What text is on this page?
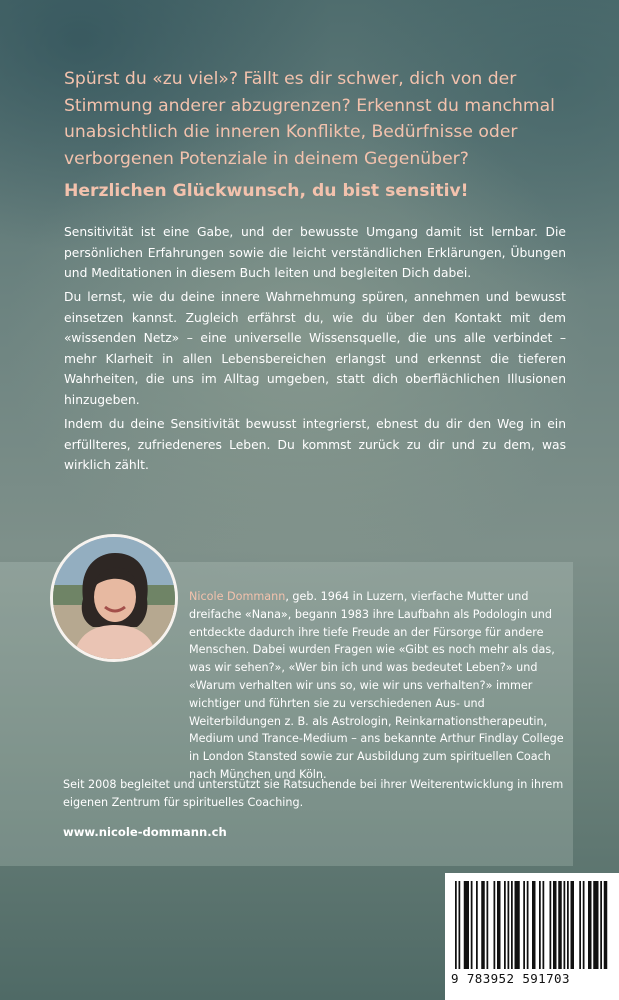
Spürst du «zu viel»? Fällt es dir schwer, dich von der Stimmung anderer abzugrenzen? Erkennst du manchmal unabsichtlich die inneren Konflikte, Bedürfnisse oder verborgenen Potenziale in deinem Gegenüber?

Herzlichen Glückwunsch, du bist sensitiv!

Sensitivität ist eine Gabe, und der bewusste Umgang damit ist lernbar. Die persönlichen Erfahrungen sowie die leicht verständlichen Erklärungen, Übungen und Meditationen in diesem Buch leiten und begleiten Dich dabei.

Du lernst, wie du deine innere Wahrnehmung spüren, annehmen und bewusst einsetzen kannst. Zugleich erfährst du, wie du über den Kontakt mit dem «wissenden Netz» – eine universelle Wissensquelle, die uns alle verbindet – mehr Klarheit in allen Lebensbereichen erlangst und erkennst die tieferen Wahrheiten, die uns im Alltag umgeben, statt dich oberflächlichen Illusionen hinzugeben.

Indem du deine Sensitivität bewusst integrierst, ebnest du dir den Weg in ein erfüllteres, zufriedeneres Leben. Du kommst zurück zu dir und zu dem, was wirklich zählt.

Nicole Dommann, geb. 1964 in Luzern, vierfache Mutter und dreifache «Nana», begann 1983 ihre Laufbahn als Podologin und entdeckte dadurch ihre tiefe Freude an der Fürsorge für andere Menschen. Dabei wurden Fragen wie «Gibt es noch mehr als das, was wir sehen?», «Wer bin ich und was bedeutet Leben?» und «Warum verhalten wir uns so, wie wir uns verhalten?» immer wichtiger und führten sie zu verschiedenen Aus- und Weiterbildungen z. B. als Astrologin, Reinkarnationstherapeutin, Medium und Trance-Medium – ans bekannte Arthur Findlay College in London Stansted sowie zur Ausbildung zum spirituellen Coach nach München und Köln.

Seit 2008 begleitet und unterstützt sie Ratsuchende bei ihrer Weiterentwicklung in ihrem eigenen Zentrum für spirituelles Coaching.

www.nicole-dommann.ch

9 783952 591703
